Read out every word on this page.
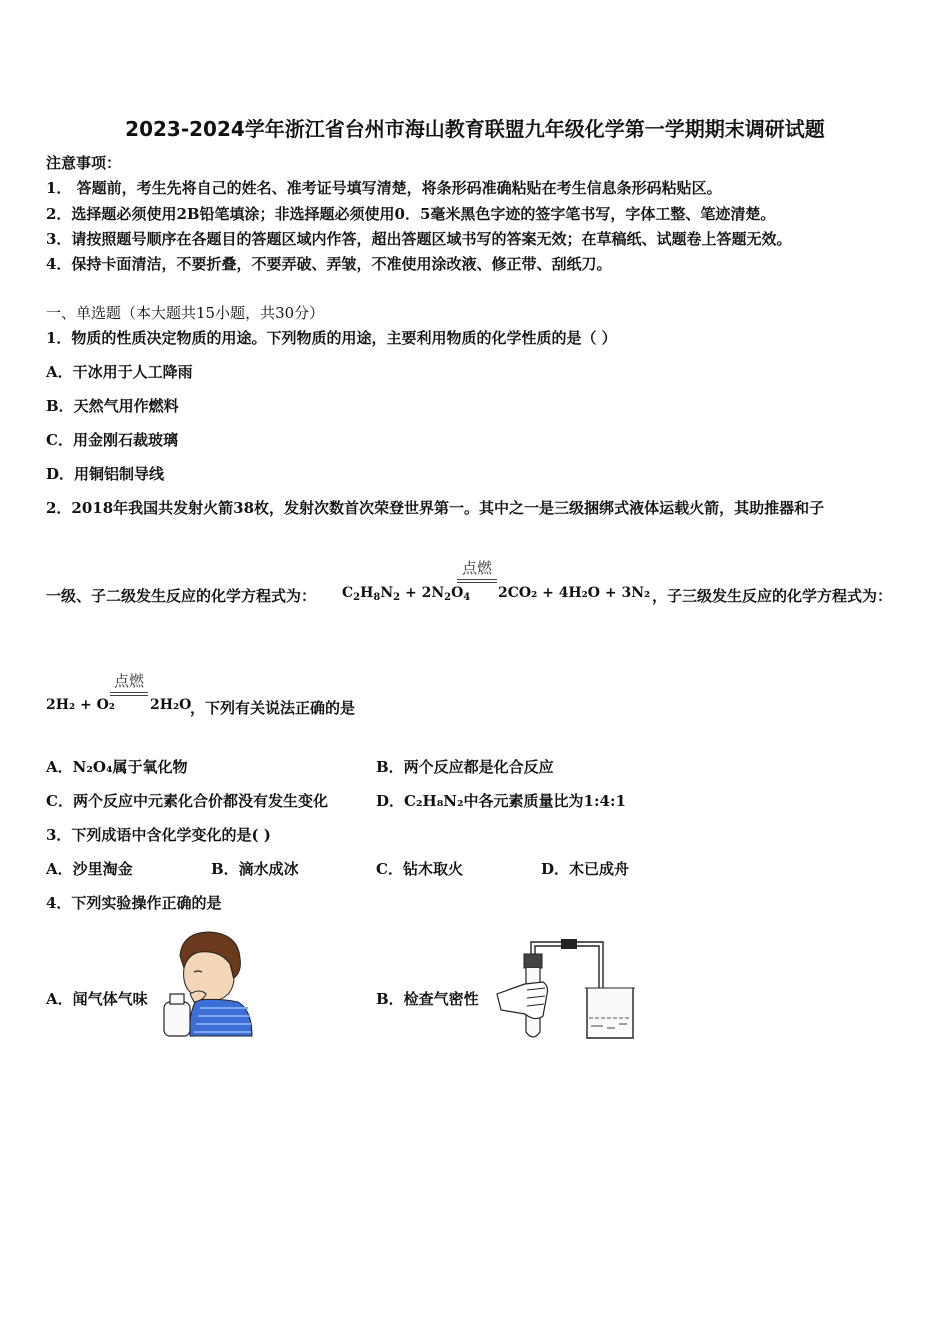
2023-2024学年浙江省台州市海山教育联盟九年级化学第一学期期末调研试题
注意事项：
1． 答题前，考生先将自己的姓名、准考证号填写清楚，将条形码准确粘贴在考生信息条形码粘贴区。
2．选择题必须使用2B铅笔填涂；非选择题必须使用0．5毫米黑色字迹的签字笔书写，字体工整、笔迹清楚。
3．请按照题号顺序在各题目的答题区域内作答，超出答题区域书写的答案无效；在草稿纸、试题卷上答题无效。
4．保持卡面清洁，不要折叠，不要弄破、弄皱，不准使用涂改液、修正带、刮纸刀。
一、单选题（本大题共15小题，共30分）
1．物质的性质决定物质的用途。下列物质的用途，主要利用物质的化学性质的是（ ）
A．干冰用于人工降雨
B．天然气用作燃料
C．用金刚石裁玻璃
D．用铜铝制导线
2．2018年我国共发射火箭38枚，发射次数首次荣登世界第一。其中之一是三级捆绑式液体运载火箭，其助推器和子
一级、子二级发生反应的化学方程式为： $C_2H_8N_2 + 2N_2O_4$
点燃
2CO₂ + 4H₂O + 3N₂ ，子三级发生反应的化学方程式为：
2H₂ + O₂
点燃
2H₂O
，下列有关说法正确的是
A．N₂O₄属于氧化物	B．两个反应都是化合反应
C．两个反应中元素化合价都没有发生变化	D．C₂H₈N₂中各元素质量比为1:4:1
3．下列成语中含化学变化的是( )
A．沙里淘金	B．滴水成冰	C．钻木取火	D．木已成舟
4．下列实验操作正确的是
A．闻气体气味	B．检查气密性
